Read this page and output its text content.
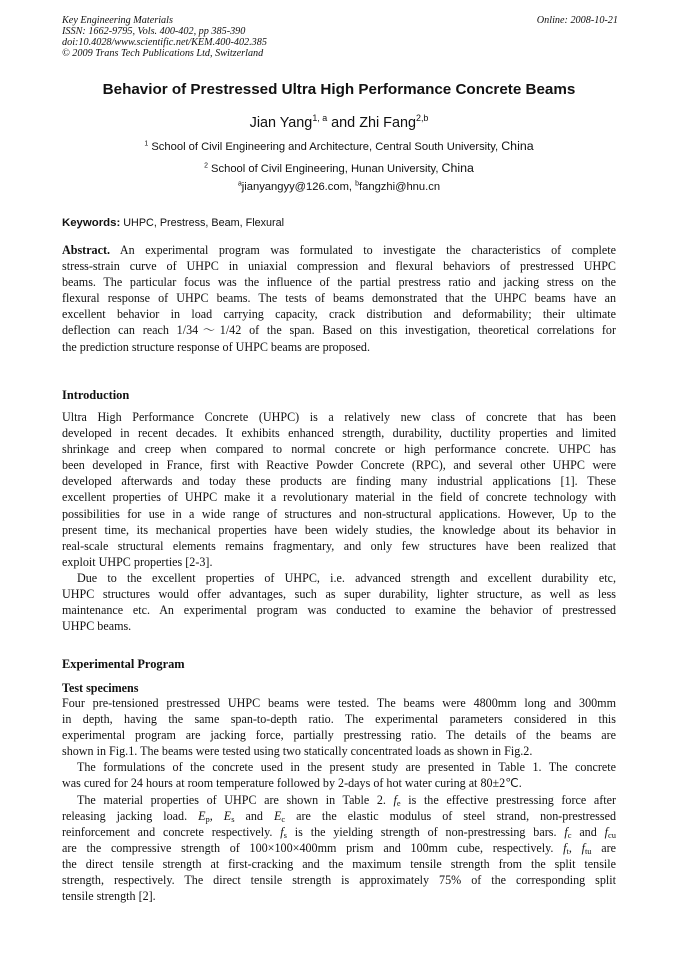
Key Engineering Materials
ISSN: 1662-9795, Vols. 400-402, pp 385-390
doi:10.4028/www.scientific.net/KEM.400-402.385
© 2009 Trans Tech Publications Ltd, Switzerland
Online: 2008-10-21
Behavior of Prestressed Ultra High Performance Concrete Beams
Jian Yang$^{1, a}$ and Zhi Fang$^{2,b}$
$^1$ School of Civil Engineering and Architecture, Central South University, China
$^2$ School of Civil Engineering, Hunan University, China
$^a$jianyangyy@126.com, $^b$fangzhi@hnu.cn
Keywords: UHPC, Prestress, Beam, Flexural
Abstract. An experimental program was formulated to investigate the characteristics of complete
stress-strain curve of UHPC in uniaxial compression and flexural behaviors of prestressed UHPC
beams. The particular focus was the influence of the partial prestress ratio and jacking stress on the
flexural response of UHPC beams. The tests of beams demonstrated that the UHPC beams have an
excellent behavior in load carrying capacity, crack distribution and deformability; their ultimate
deflection can reach 1/34～1/42 of the span. Based on this investigation, theoretical correlations for
the prediction structure response of UHPC beams are proposed.
Introduction
Ultra High Performance Concrete (UHPC) is a relatively new class of concrete that has been
developed in recent decades. It exhibits enhanced strength, durability, ductility properties and limited
shrinkage and creep when compared to normal concrete or high performance concrete. UHPC has
been developed in France, first with Reactive Powder Concrete (RPC), and several other UHPC were
developed afterwards and today these products are finding many industrial applications [1]. These
excellent properties of UHPC make it a revolutionary material in the field of concrete technology with
possibilities for use in a wide range of structures and non-structural applications. However, Up to the
present time, its mechanical properties have been widely studies, the knowledge about its behavior in
real-scale structural elements remains fragmentary, and only few structures have been realized that
exploit UHPC properties [2-3].
Due to the excellent properties of UHPC, i.e. advanced strength and excellent durability etc,
UHPC structures would offer advantages, such as super durability, lighter structure, as well as less
maintenance etc. An experimental program was conducted to examine the behavior of prestressed
UHPC beams.
Experimental Program
Test specimens
Four pre-tensioned prestressed UHPC beams were tested. The beams were 4800mm long and 300mm
in depth, having the same span-to-depth ratio. The experimental parameters considered in this
experimental program are jacking force, partially prestressing ratio. The details of the beams are
shown in Fig.1. The beams were tested using two statically concentrated loads as shown in Fig.2.
The formulations of the concrete used in the present study are presented in Table 1. The concrete
was cured for 24 hours at room temperature followed by 2-days of hot water curing at 80±2℃.
The material properties of UHPC are shown in Table 2. fe is the effective prestressing force after
releasing jacking load. Ep, Es and Ec are the elastic modulus of steel strand, non-prestressed
reinforcement and concrete respectively. fs is the yielding strength of non-prestressing bars. fc and fcu
are the compressive strength of 100×100×400mm prism and 100mm cube, respectively. ft, ftu are
the direct tensile strength at first-cracking and the maximum tensile strength from the split tensile
strength, respectively. The direct tensile strength is approximately 75% of the corresponding split
tensile strength [2].
